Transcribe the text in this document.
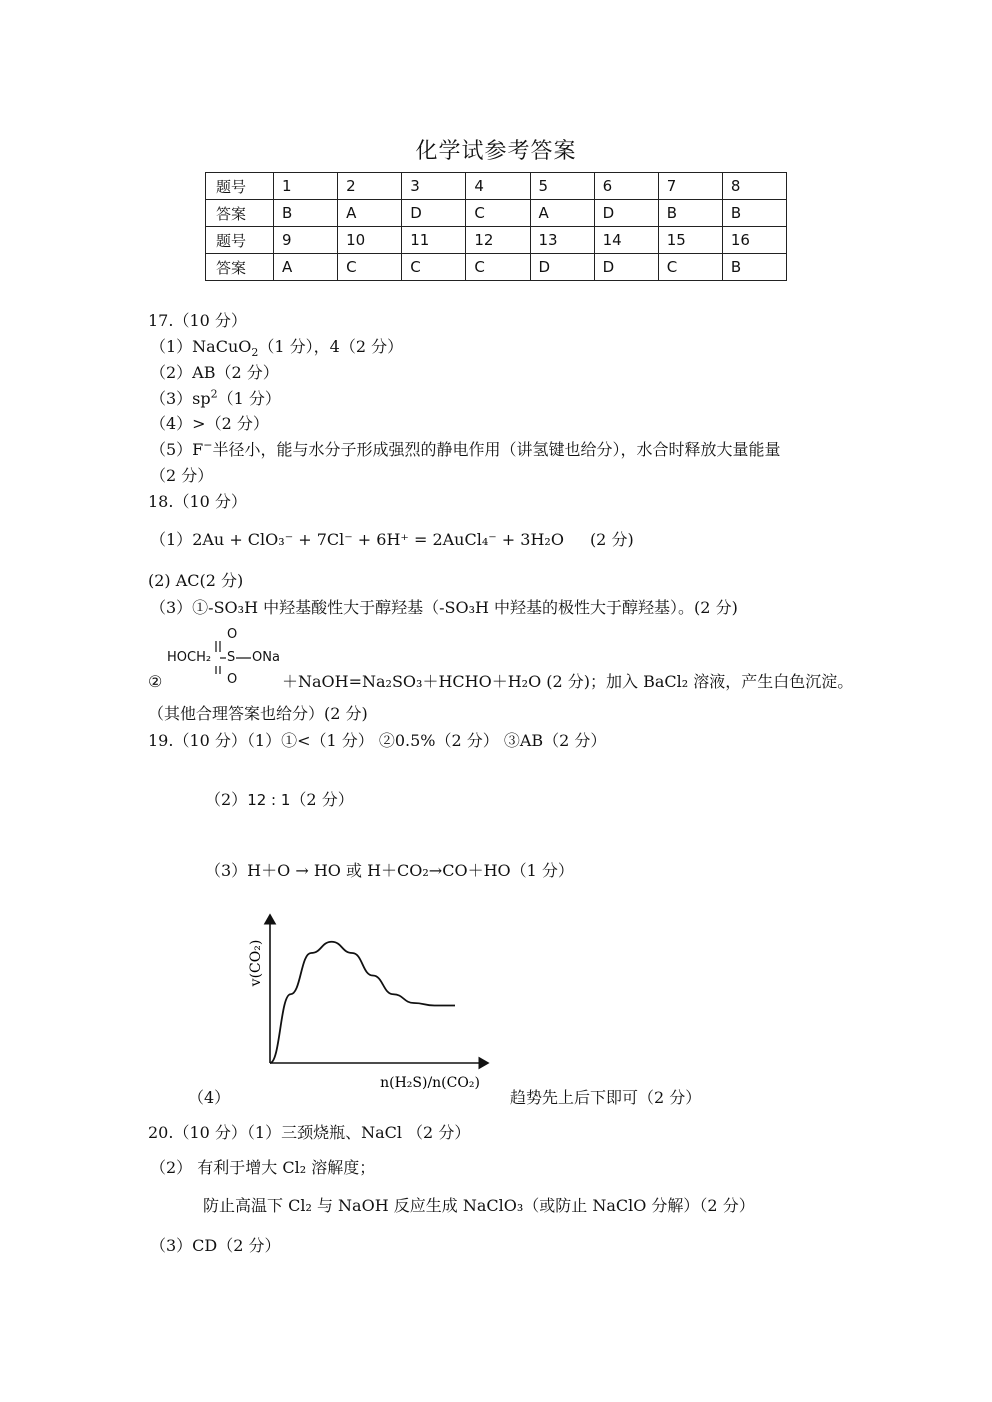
化学试参考答案
题号	1	2	3	4	5	6	7	8
答案	B	A	D	C	A	D	B	B
题号	9	10	11	12	13	14	15	16
答案	A	C	C	C	D	D	C	B
17.（10 分）
（1）NaCuO$_2$（1 分），4（2 分）
（2）AB（2 分）
$(3)sp^2(1$ 分）
（4）>（2 分）
（5）F−半径小，能与水分子形成强烈的静电作用（讲氢键也给分），水合时释放大量能量
（2 分）
18.（10 分）
（1）2Au + ClO₃⁻ + 7Cl⁻ + 6H⁺ = 2AuCl₄⁻ + 3H₂O (2 分)
(2) AC(2 分)
（3）①-SO₃H 中羟基酸性大于醇羟基（-SO₃H 中羟基的极性大于醇羟基）。(2 分)
O
HOCH₂ S ONa
O
②	＋NaOH=Na₂SO₃＋HCHO＋H₂O (2 分)；加入 BaCl₂ 溶液，产生白色沉淀。
（其他合理答案也给分）(2 分)
19.（10 分）（1）①<（1 分） ②0.5%（2 分） ③AB（2 分）
（2）12 : 1（2 分）
（3）H＋O → HO 或 H＋CO₂→CO＋HO（1 分）
v(CO₂)
n(H₂S)/n(CO₂)
（4）	趋势先上后下即可（2 分）
20.（10 分）（1）三颈烧瓶、NaCl （2 分）
（2） 有利于增大 Cl₂ 溶解度；
防止高温下 Cl₂ 与 NaOH 反应生成 NaClO₃（或防止 NaClO 分解）（2 分）
（3）CD（2 分）
